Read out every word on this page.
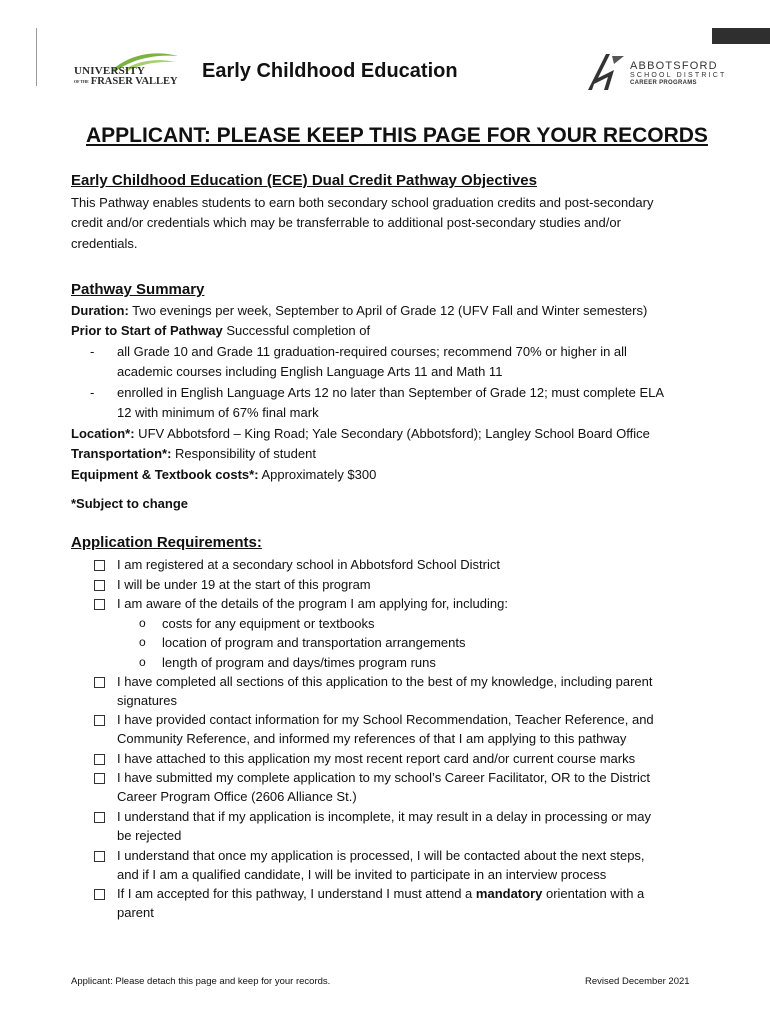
UNIVERSITY
OF THE FRASER VALLEY Early Childhood Education	ABBOTSFORD
SCHOOL DISTRICT
CAREER PROGRAMS
APPLICANT: PLEASE KEEP THIS PAGE FOR YOUR RECORDS
Early Childhood Education (ECE) Dual Credit Pathway Objectives
This Pathway enables students to earn both secondary school graduation credits and post-secondary
credit and/or credentials which may be transferrable to additional post-secondary studies and/or
credentials.
Pathway Summary
Duration: Two evenings per week, September to April of Grade 12 (UFV Fall and Winter semesters)
Prior to Start of Pathway Successful completion of
- all Grade 10 and Grade 11 graduation-required courses; recommend 70% or higher in all
academic courses including English Language Arts 11 and Math 11
- enrolled in English Language Arts 12 no later than September of Grade 12; must complete ELA
12 with minimum of 67% final mark
Location*: UFV Abbotsford – King Road; Yale Secondary (Abbotsford); Langley School Board Office
Transportation*: Responsibility of student
Equipment & Textbook costs*: Approximately $300
*Subject to change
Application Requirements:
I am registered at a secondary school in Abbotsford School District
I will be under 19 at the start of this program
I am aware of the details of the program I am applying for, including:
o costs for any equipment or textbooks
o location of program and transportation arrangements
o length of program and days/times program runs
I have completed all sections of this application to the best of my knowledge, including parent
signatures
I have provided contact information for my School Recommendation, Teacher Reference, and
Community Reference, and informed my references of that I am applying to this pathway
I have attached to this application my most recent report card and/or current course marks
I have submitted my complete application to my school’s Career Facilitator, OR to the District
Career Program Office (2606 Alliance St.)
I understand that if my application is incomplete, it may result in a delay in processing or may
be rejected
I understand that once my application is processed, I will be contacted about the next steps,
and if I am a qualified candidate, I will be invited to participate in an interview process
If I am accepted for this pathway, I understand I must attend a mandatory orientation with a
parent
Applicant: Please detach this page and keep for your records.	Revised December 2021
